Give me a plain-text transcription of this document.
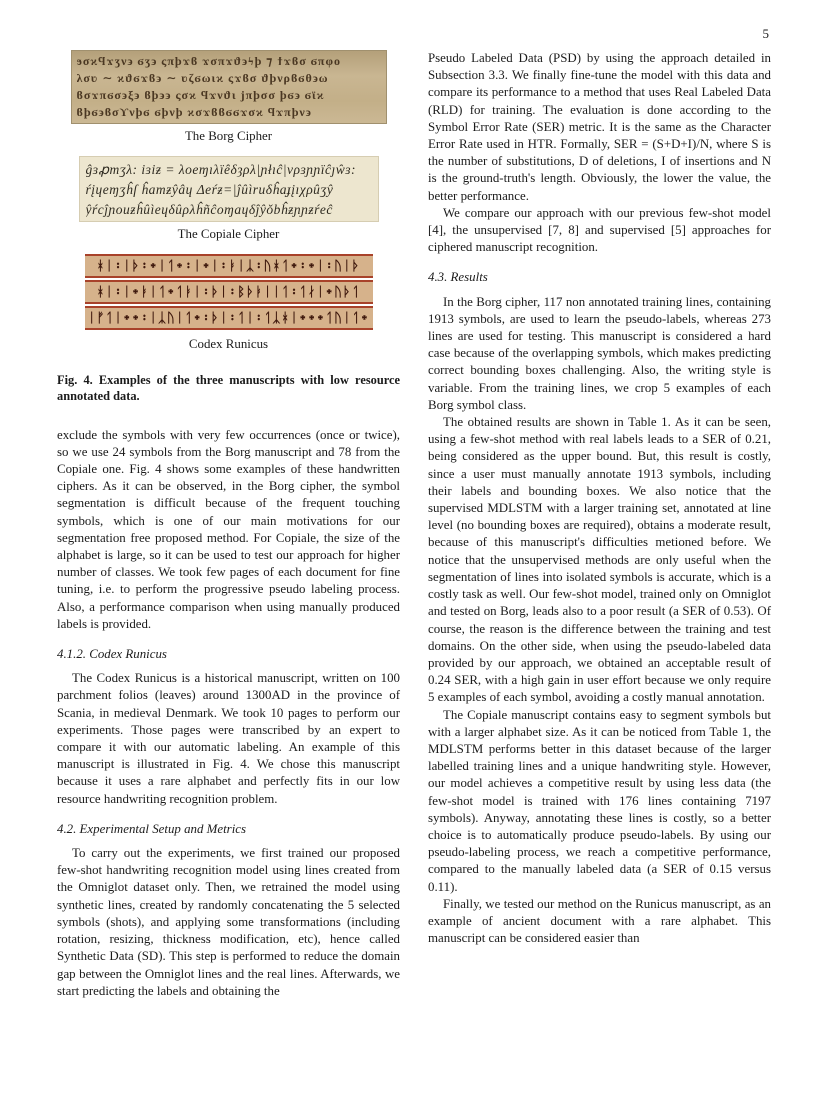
5
ϧσϰϥϫʒν϶ ϭʒ϶ ςπϸϫϐ ϫσπϫϑ϶ϟϸ ⁊ ϯϫϐσ ϭπφο
λσʋ ∼ ϰϑϭϫϐ϶ ∼ ʋζϭωιϰ ςϫϐσ ϑϸνρϐϭθ϶ω
ϐσϫπϭσ϶ξ϶ ϐϸ϶϶ ςσϰ ϥϫνϑι ϳπϸσσ ϸϭ϶ ϭϊϰ
ϐϸϭ϶ϐσϒνϸϭ ϭϸνϸ ϰσϫϐϐϭϭϫσϰ ϥϫπϸν϶
The Borg Cipher
ĝɜꝓmʒλ: iɜiƶ = λoeɱıλïêδȝρλ|ɲłıĉ|νρɜɲɲïĉȷŵɜ:
ŕįɥeɱʒĥſ ĥamƶŷâɥ Δeŕƶ=|ĵûìruδĥaɟįıχρûʒŷ
ŷŕcĵɲouƶĥûìeɥδûρλĥñĉoɱaɥδĵŷǒbĥƶɲɲƶŕeĉ
The Copiale Cipher
ᚼᛁ᛬ᛁᚦ᛬᛭ᛁᛐ᛭᛬ᛁ᛭ᛁ᛬ᛓᛁᛣ᛬ᚢᚼᛐ᛭᛬᛭ᛁ᛬ᚢᛁᚦ
ᚼᛁ᛬ᛁ᛭ᛓᛁᛐ᛭ᛐᛓᛁ᛬ᚦᛁ᛬ᛒᚦᛓᛁᛁᛐ᛬ᛐᛅᛁ᛭ᚢᚦᛐ
ᛁᚠᛐᛁ᛭᛭᛬ᛁᛣᚢᛁᛐ᛭᛬ᚦᛁ᛬ᛐᛁ᛬ᛐᛣᚼᛁ᛭᛭᛭ᛐᚢᛁᛐ᛭
Codex Runicus
Fig. 4. Examples of the three manuscripts with low resource annotated data.

exclude the symbols with very few occurrences (once or twice), so we use 24 symbols from the Borg manuscript and 78 from the Copiale one. Fig. 4 shows some examples of these handwritten ciphers. As it can be observed, in the Borg cipher, the symbol segmentation is difficult because of the frequent touching symbols, which is one of our main motivations for our segmentation free proposed method. For Copiale, the size of the alphabet is large, so it can be used to test our approach for higher number of classes. We took few pages of each document for fine tuning, i.e. to perform the progressive pseudo labeling process. Also, a performance comparison when using manually produced labels is provided.

4.1.2. Codex Runicus

The Codex Runicus is a historical manuscript, written on 100 parchment folios (leaves) around 1300AD in the province of Scania, in medieval Denmark. We took 10 pages to perform our experiments. Those pages were transcribed by an expert to compare it with our automatic labeling. An example of this manuscript is illustrated in Fig. 4. We chose this manuscript because it uses a rare alphabet and perfectly fits in our low resource handwriting recognition problem.

4.2. Experimental Setup and Metrics

To carry out the experiments, we first trained our proposed few-shot handwriting recognition model using lines created from the Omniglot dataset only. Then, we retrained the model using synthetic lines, created by randomly concatenating the 5 selected symbols (shots), and applying some transformations (including rotation, resizing, thickness modification, etc), hence called Synthetic Data (SD). This step is performed to reduce the domain gap between the Omniglot lines and the real lines. Afterwards, we start predicting the labels and obtaining the

Pseudo Labeled Data (PSD) by using the approach detailed in Subsection 3.3. We finally fine-tune the model with this data and compare its performance to a method that uses Real Labeled Data (RLD) for training. The evaluation is done according to the Symbol Error Rate (SER) metric. It is the same as the Character Error Rate used in HTR. Formally, SER = (S+D+I)/N, where S is the number of substitutions, D of deletions, I of insertions and N is the ground-truth's length. Obviously, the lower the value, the better performance.

We compare our approach with our previous few-shot model [4], the unsupervised [7, 8] and supervised [5] approaches for ciphered manuscript recognition.

4.3. Results

In the Borg cipher, 117 non annotated training lines, containing 1913 symbols, are used to learn the pseudo-labels, whereas 273 lines are used for testing. This manuscript is considered a hard case because of the overlapping symbols, which makes predicting correct bounding boxes challenging. Also, the writing style is variable. From the training lines, we crop 5 examples of each Borg symbol class.

The obtained results are shown in Table 1. As it can be seen, using a few-shot method with real labels leads to a SER of 0.21, being considered as the upper bound. But, this result is costly, since a user must manually annotate 1913 symbols, including their labels and bounding boxes. We also notice that the supervised MDLSTM with a larger training set, annotated at line level (no bounding boxes are required), obtains a moderate result, because of this manuscript's difficulties metioned before. We notice that the unsupervised methods are only useful when the segmentation of lines into isolated symbols is accurate, which is a costly task as well. Our few-shot model, trained only on Omniglot and tested on Borg, leads also to a poor result (a SER of 0.53). Of course, the reason is the difference between the training and test domains. On the other side, when using the pseudo-labeled data provided by our approach, we obtained an acceptable result of 0.24 SER, with a high gain in user effort because we only require 5 examples of each symbol, avoiding a costly manual annotation.

The Copiale manuscript contains easy to segment symbols but with a larger alphabet size. As it can be noticed from Table 1, the MDLSTM performs better in this dataset because of the larger labelled training lines and a unique handwriting style. However, our model achieves a competitive result by using less data (the few-shot model is trained with 176 lines containing 7197 symbols). Anyway, annotating these lines is costly, so a better choice is to automatically produce pseudo-labels. By using our pseudo-labeling process, we reach a competitive performance, compared to the manually labeled data (a SER of 0.15 versus 0.11).

Finally, we tested our method on the Runicus manuscript, as an example of ancient document with a rare alphabet. This manuscript can be considered easier than
